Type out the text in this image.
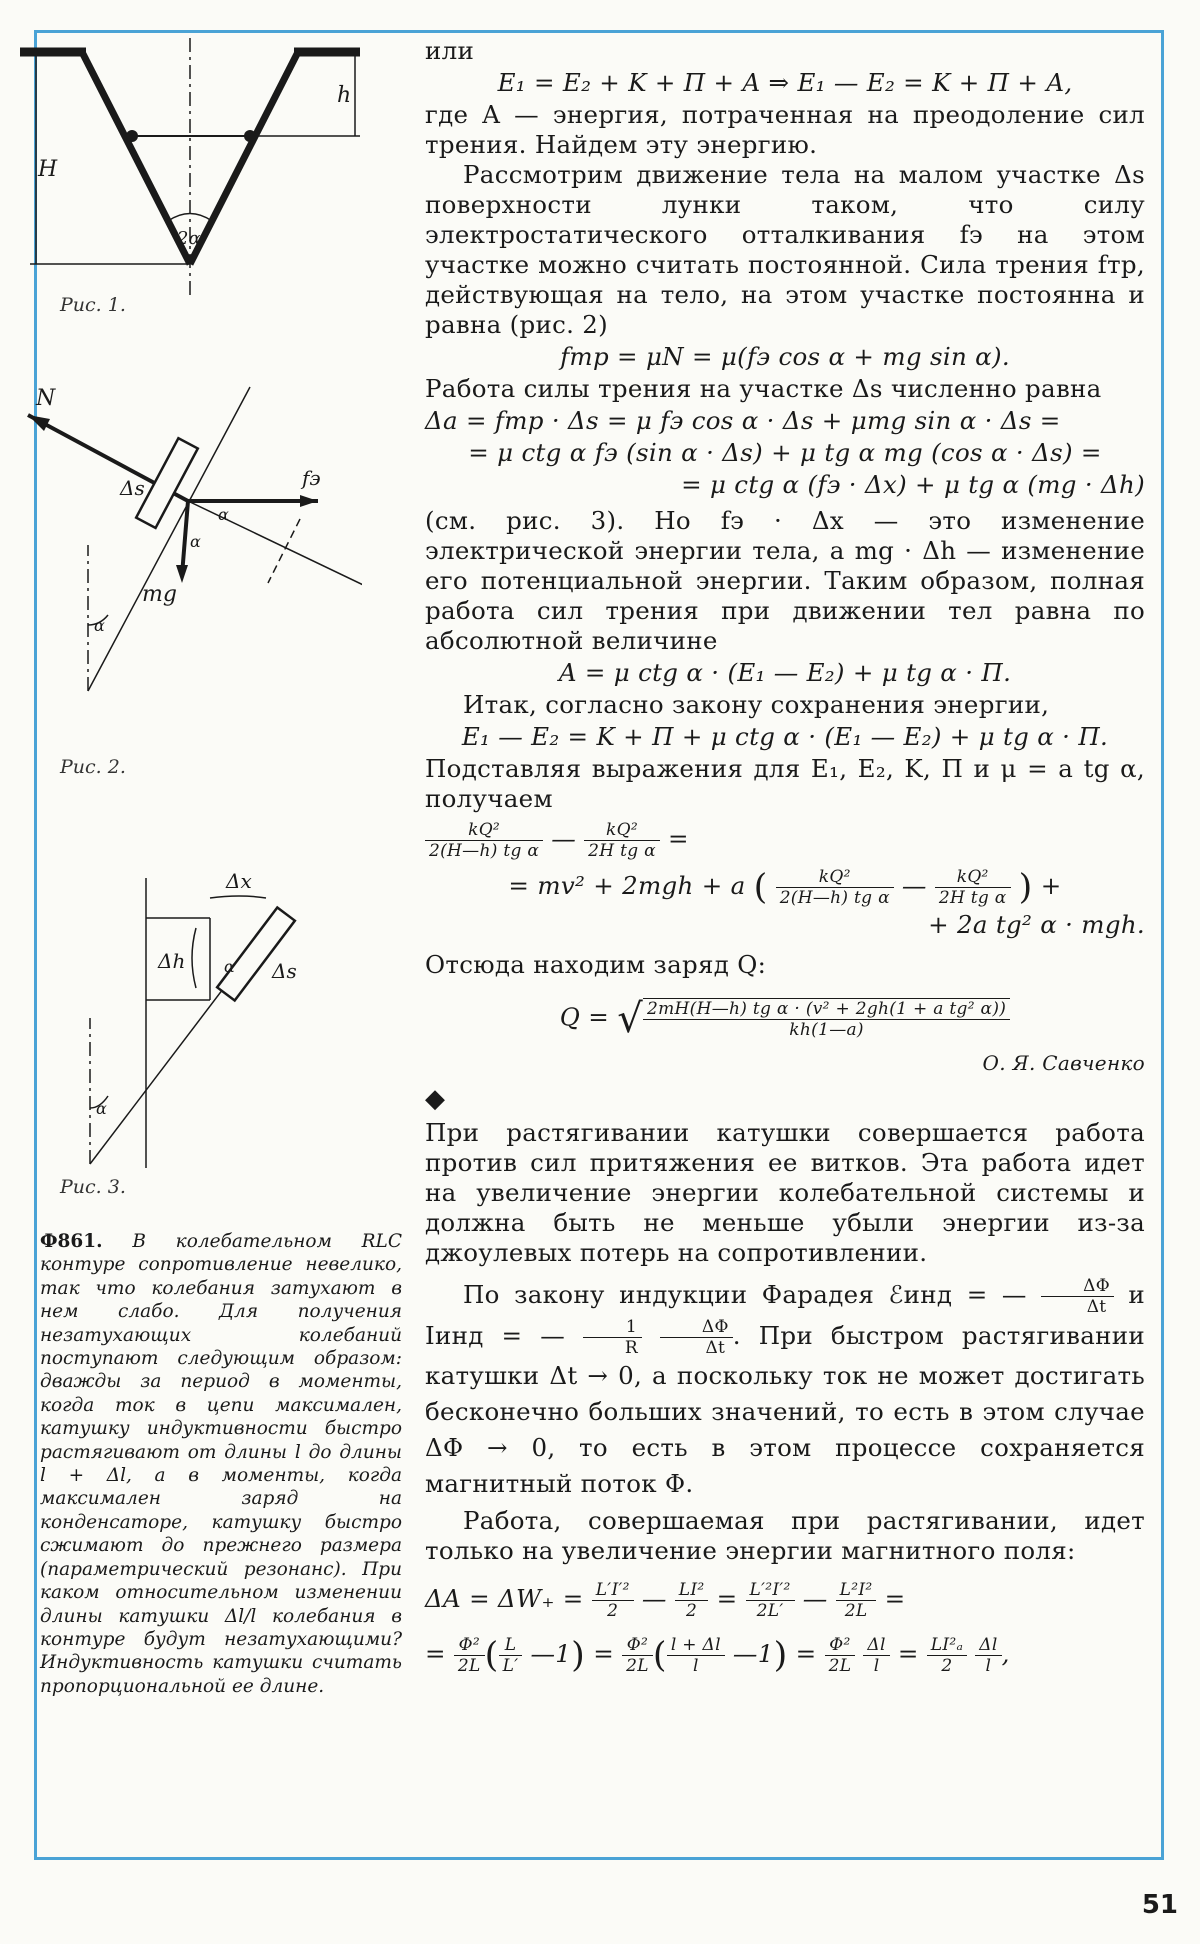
H
h
2α
Рис. 1.
N
Δs	fэ
mg
α
α
α
Рис. 2.
Δx
Δh	Δs
α
α
Рис. 3.
Ф861. В колебательном RLC контуре сопротивление невелико, так что колебания затухают в нем слабо. Для получения незатухающих колебаний поступают следующим образом: дважды за период в моменты, когда ток в цепи максимален, катушку индуктивности быстро растягивают от длины l до длины l + Δl, а в моменты, когда максимален заряд на конденсаторе, катушку быстро сжимают до прежнего размера (параметрический резонанс). При каком относительном изменении длины катушки Δl/l колебания в контуре будут незатухающими? Индуктивность катушки считать пропорциональной ее длине.

или

E₁ = E₂ + K + П + A ⇒ E₁ — E₂ = K + П + A,

где A — энергия, потраченная на преодоление сил трения. Найдем эту энергию.

Рассмотрим движение тела на малом участке Δs поверхности лунки таком, что силу электростатического отталкивания fэ на этом участке можно считать постоянной. Сила трения fтр, действующая на тело, на этом участке постоянна и равна (рис. 2)

fтр = μN = μ(fэ cos α + mg sin α).

Работа силы трения на участке Δs численно равна

Δa = fтр · Δs = μ fэ cos α · Δs + μmg sin α · Δs =
= μ ctg α fэ (sin α · Δs) + μ tg α mg (cos α · Δs) =
= μ ctg α (fэ · Δx) + μ tg α (mg · Δh)

(см. рис. 3). Но fэ · Δx — это изменение электрической энергии тела, а mg · Δh — изменение его потенциальной энергии. Таким образом, полная работа сил трения при движении тел равна по абсолютной величине

A = μ ctg α · (E₁ — E₂) + μ tg α · П.

Итак, согласно закону сохранения энергии,

E₁ — E₂ = K + П + μ ctg α · (E₁ — E₂) + μ tg α · П.

Подставляя выражения для E₁, E₂, K, П и μ = a tg α, получаем

$\frac{\text{kQ²}}{\text{2(H—h) tg α}}$ — $\frac{\text{kQ²}}{\text{2H tg α}}$ =
= mv² + 2mgh + a ( $\frac{\text{kQ²}}{\text{2(H—h) tg α}}$ — $\frac{\text{kQ²}}{\text{2H tg α}}$ ) +
+ 2a tg² α · mgh.

Отсюда находим заряд Q:

Q = √ $\frac{\text{2mH(H—h) tg α · (v² + 2gh(1 + a tg² α))}}{kh(1—a)}$
О. Я. Савченко
◆

При растягивании катушки совершается работа против сил притяжения ее витков. Эта работа идет на увеличение энергии колебательной системы и должна быть не меньше убыли энергии из-за джоулевых потерь на сопротивлении.

По закону индукции Фарадея ℰинд = — $\frac{\Delta\Phi}{\Delta t}$ и Iинд = — $\frac{1}{R}$
$\frac{\Delta\Phi}{\Delta t}$ . При быстром растягивании катушки Δt → 0, а поскольку ток не может достигать бесконечно больших значений, то есть в этом случае ΔΦ → 0, то есть в этом процессе сохраняется магнитный поток Φ.

Работа, совершаемая при растягивании, идет только на увеличение энергии магнитного поля:

$\Delta A = \Delta W_+ = \frac{\text{L′I′²}}{2}$ — $\frac{\text{LI²}}{2} = \frac{\text{L′²I′²}}{2L'}$ — $\frac{\text{L²I²}}{2L}$ =
= $\frac{\text{Φ²}}{2L}$ ( $\frac{L}{L'}$ —1) = $\frac{\text{Φ²}}{2L}$ ( $\frac{l + \Delta l}{l}$ —1) = $\frac{\text{Φ²}}{2L}$
$\frac{\Delta l}{l} = \frac{\text{LI²ₐ}}{2}$
$\frac{\Delta l}{l}$ ,
51
